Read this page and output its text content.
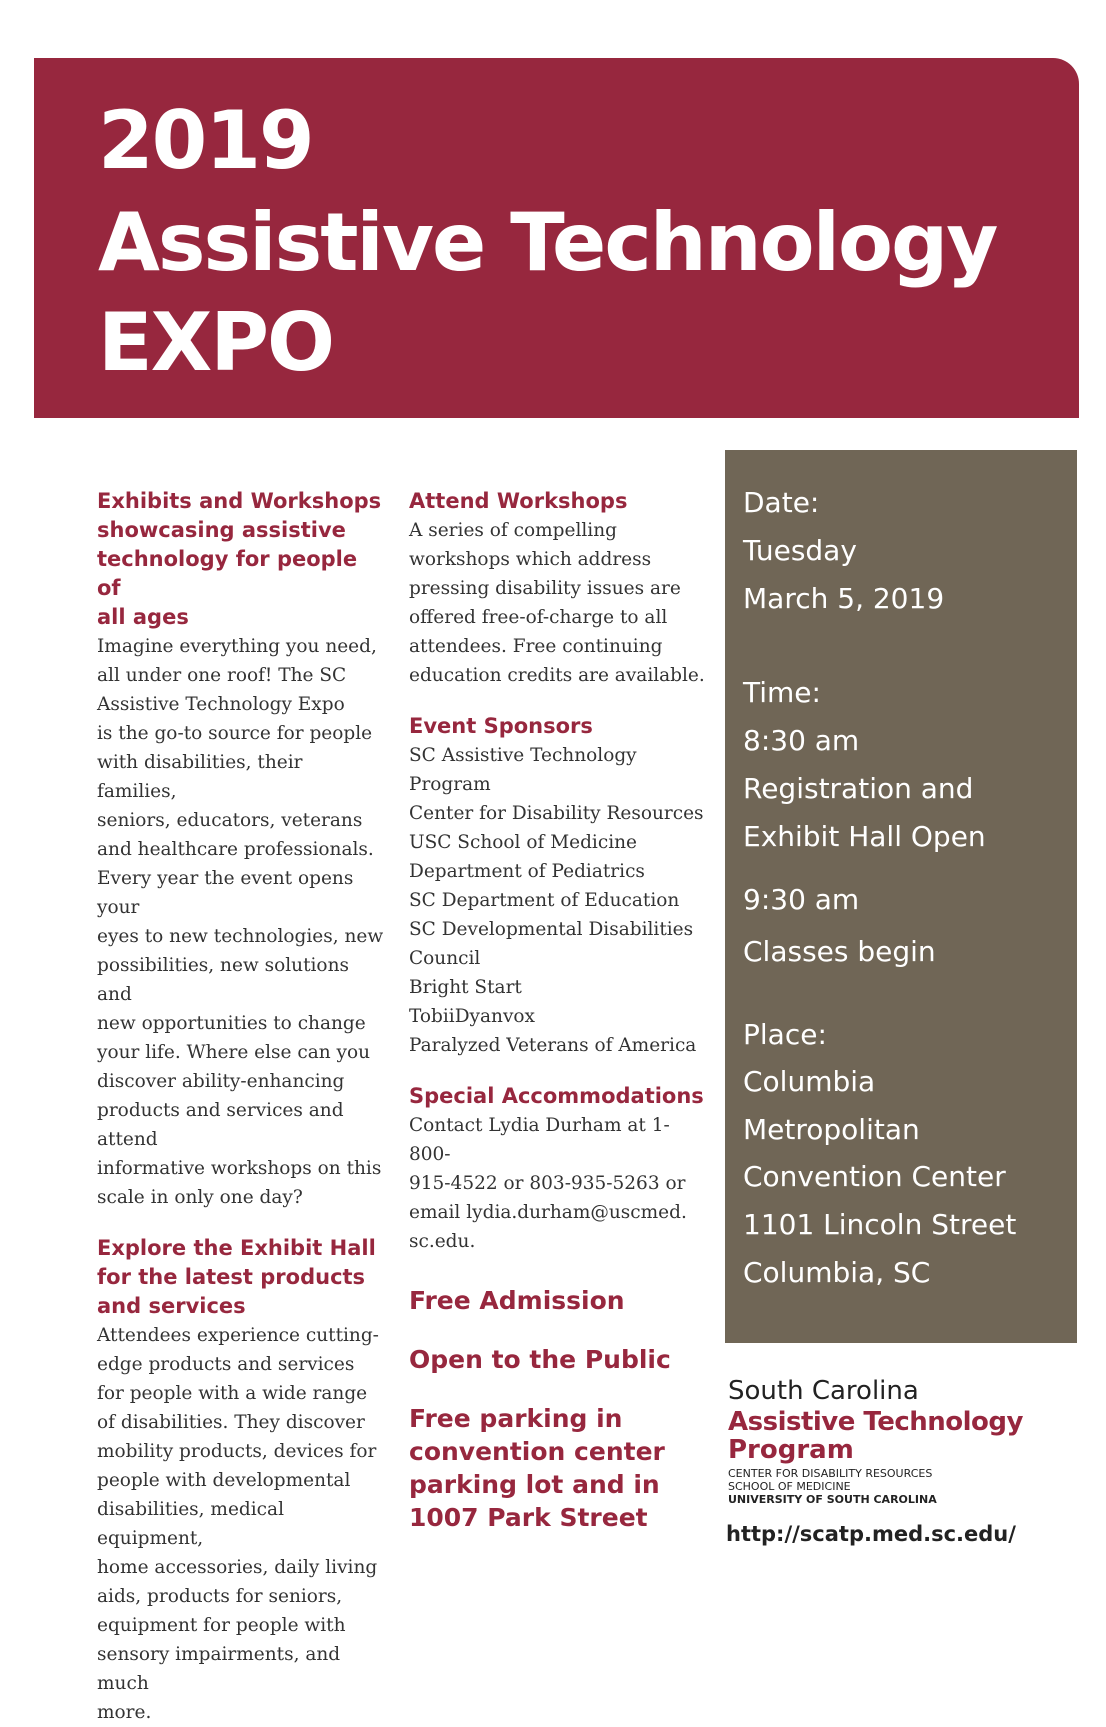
2019
Assistive Technology
EXPO
Exhibits and Workshops
showcasing assistive
technology for people of
all ages
Imagine everything you need,
all under one roof! The SC
Assistive Technology Expo
is the go-to source for people
with disabilities, their families,
seniors, educators, veterans
and healthcare professionals.
Every year the event opens your
eyes to new technologies, new
possibilities, new solutions and
new opportunities to change
your life. Where else can you
discover ability-enhancing
products and services and attend
informative workshops on this
scale in only one day?
Explore the Exhibit Hall
for the latest products
and services
Attendees experience cutting-
edge products and services
for people with a wide range
of disabilities. They discover
mobility products, devices for
people with developmental
disabilities, medical equipment,
home accessories, daily living
aids, products for seniors,
equipment for people with
sensory impairments, and much
more.
Attend Workshops
A series of compelling
workshops which address
pressing disability issues are
offered free-of-charge to all
attendees. Free continuing
education credits are available.
Event Sponsors
SC Assistive Technology
Program
Center for Disability Resources
USC School of Medicine
Department of Pediatrics
SC Department of Education
SC Developmental Disabilities
Council
Bright Start
TobiiDyanvox
Paralyzed Veterans of America
Special Accommodations
Contact Lydia Durham at 1-800-
915-4522 or 803-935-5263 or
email lydia.durham@uscmed.
sc.edu.
Free Admission
Open to the Public
Free parking in
convention center
parking lot and in
1007 Park Street
Date:
Tuesday
March 5, 2019
Time:
8:30 am
Registration and
Exhibit Hall Open
9:30 am
Classes begin
Place:
Columbia
Metropolitan
Convention Center
1101 Lincoln Street
Columbia, SC
South Carolina
Assistive Technology
Program
CENTER FOR DISABILITY RESOURCES
SCHOOL OF MEDICINE
UNIVERSITY OF SOUTH CAROLINA
http://scatp.med.sc.edu/
